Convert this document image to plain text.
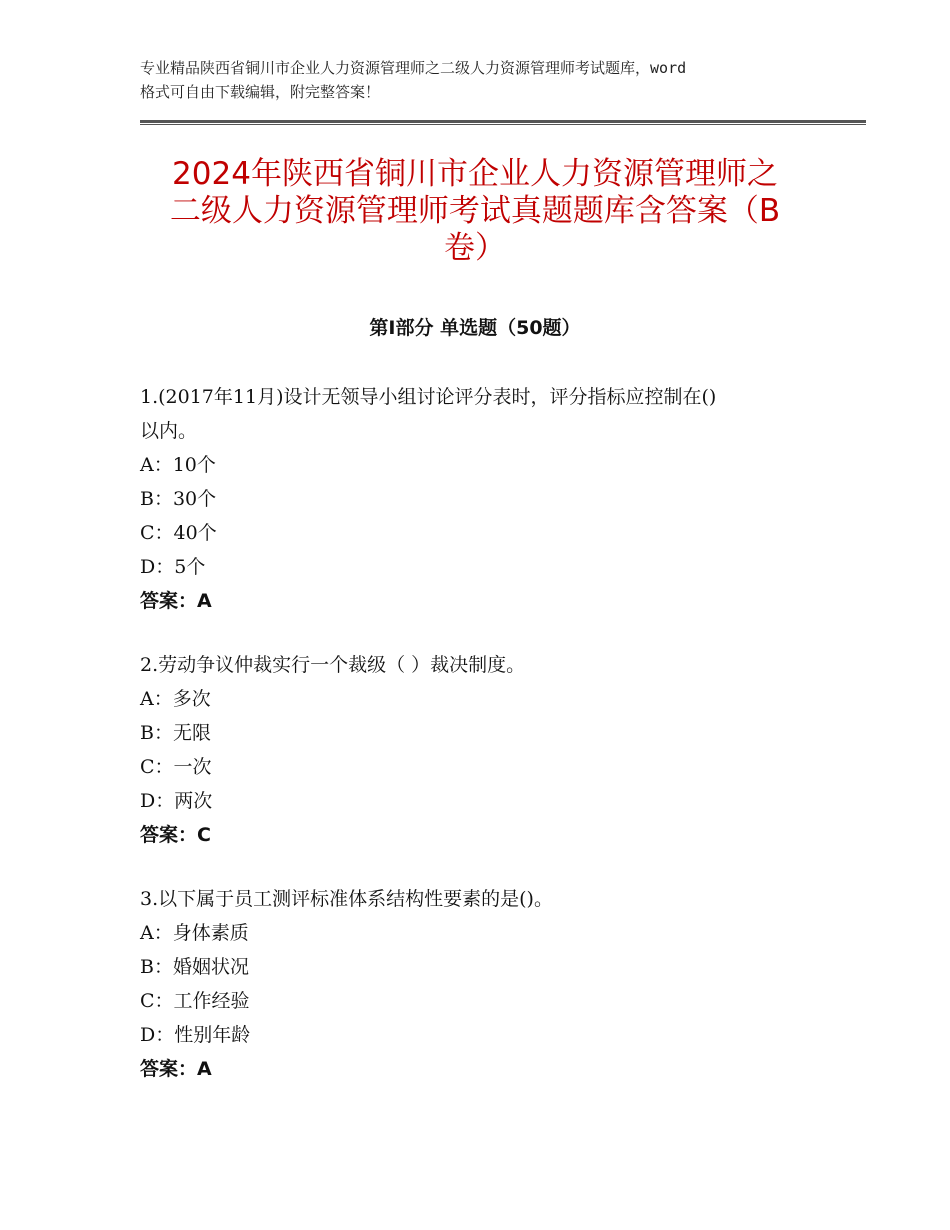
专业精品陕西省铜川市企业人力资源管理师之二级人力资源管理师考试题库，word
格式可自由下载编辑，附完整答案！
2024年陕西省铜川市企业人力资源管理师之
二级人力资源管理师考试真题题库含答案（B
卷）
第Ⅰ部分 单选题（50题）

1.(2017年11月)设计无领导小组讨论评分表时，评分指标应控制在()

以内。

A：10个

B：30个

C：40个

D：5个

答案：A

2.劳动争议仲裁实行一个裁级（ ）裁决制度。

A：多次

B：无限

C：一次

D：两次

答案：C

3.以下属于员工测评标准体系结构性要素的是()。

A：身体素质

B：婚姻状况

C：工作经验

D：性别年龄

答案：A
